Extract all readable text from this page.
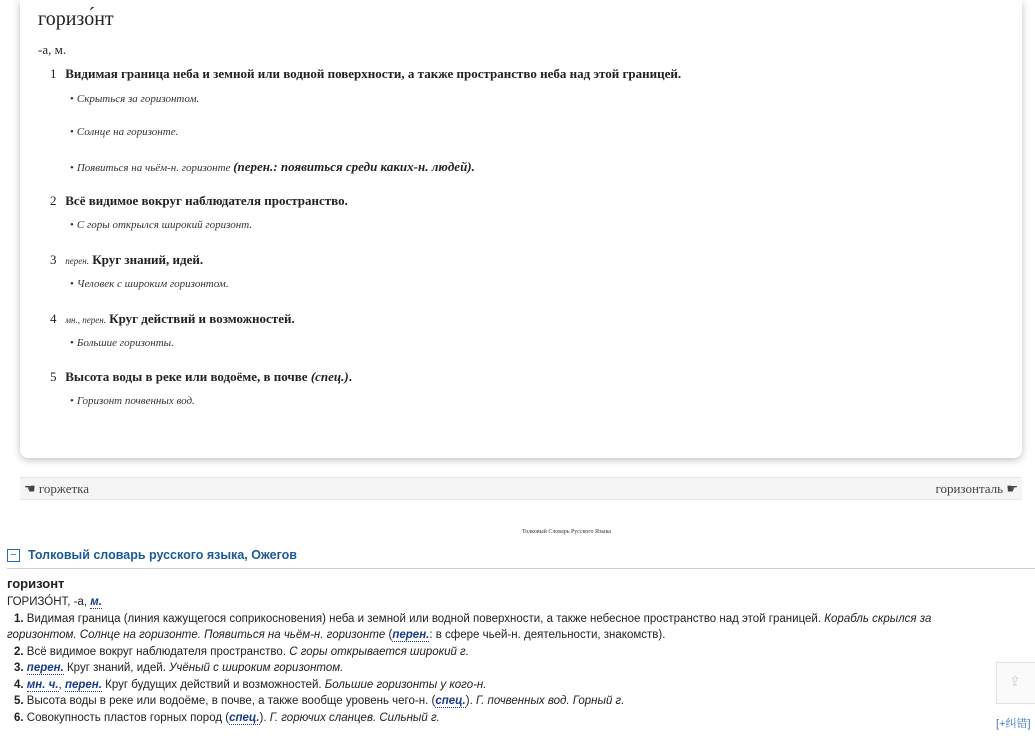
горизо́нт
-а, м.
1 Видимая граница неба и земной или водной поверхности, а также пространство неба над этой границей.
• Скрыться за горизонтом.
• Солнце на горизонте.
• Появиться на чьём-н. горизонте (перен.: появиться среди каких-н. людей).
2 Всё видимое вокруг наблюдателя пространство.
• С горы открылся широкий горизонт.
3 перен. Круг знаний, идей.
• Человек с широким горизонтом.
4 мн., перен. Круг действий и возможностей.
• Большие горизонты.
5 Высота воды в реке или водоёме, в почве (спец.).
• Горизонт почвенных вод.
☚ горжетка	горизонталь ☛
Толковый Словарь Русского Языка
− Толковый словарь русского языка, Ожегов
горизонт
ГОРИЗО́НТ, -а, м.
1. Видимая граница (линия кажущегося соприкосновения) неба и земной или водной поверхности, а также небесное пространство над этой границей. Корабль скрылся за
горизонтом. Солнце на горизонте. Появиться на чьём-н. горизонте (перен.: в сфере чьей-н. деятельности, знакомств).
2. Всё видимое вокруг наблюдателя пространство. С горы открывается широкий г.
3. перен. Круг знаний, идей. Учёный с широким горизонтом.
4. мн. ч., перен. Круг будущих действий и возможностей. Большие горизонты у кого-н.
5. Высота воды в реке или водоёме, в почве, а также вообще уровень чего-н. (спец.). Г. почвенных вод. Горный г.
6. Совокупность пластов горных пород (спец.). Г. горючих сланцев. Сильный г.
⇪
[+纠错]
